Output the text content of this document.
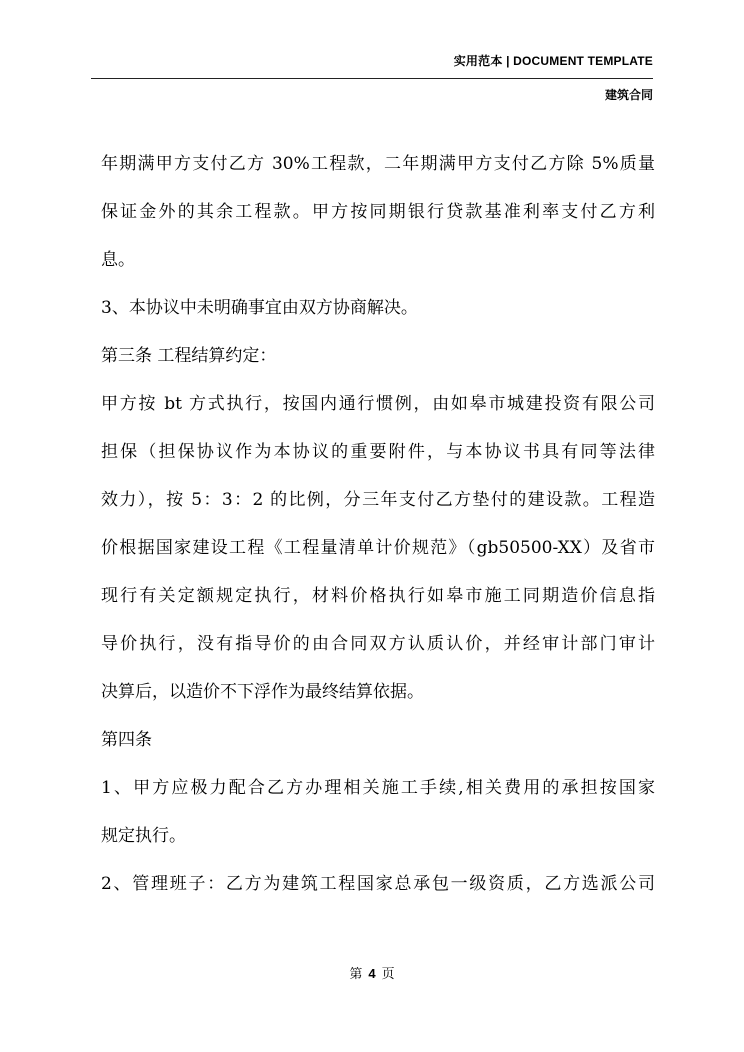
实用范本 | DOCUMENT TEMPLATE
建筑合同
年期满甲方支付乙方 30%工程款，二年期满甲方支付乙方除 5%质量
保证金外的其余工程款。甲方按同期银行贷款基准利率支付乙方利
息。
3、本协议中未明确事宜由双方协商解决。
第三条 工程结算约定：
甲方按 bt 方式执行，按国内通行惯例，由如皋市城建投资有限公司
担保（担保协议作为本协议的重要附件，与本协议书具有同等法律
效力），按 5：3：2 的比例，分三年支付乙方垫付的建设款。工程造
价根据国家建设工程《工程量清单计价规范》（gb50500-XX）及省市
现行有关定额规定执行，材料价格执行如皋市施工同期造价信息指
导价执行，没有指导价的由合同双方认质认价，并经审计部门审计
决算后，以造价不下浮作为最终结算依据。
第四条
1、甲方应极力配合乙方办理相关施工手续,相关费用的承担按国家
规定执行。
2、管理班子：乙方为建筑工程国家总承包一级资质，乙方选派公司
第 4 页
